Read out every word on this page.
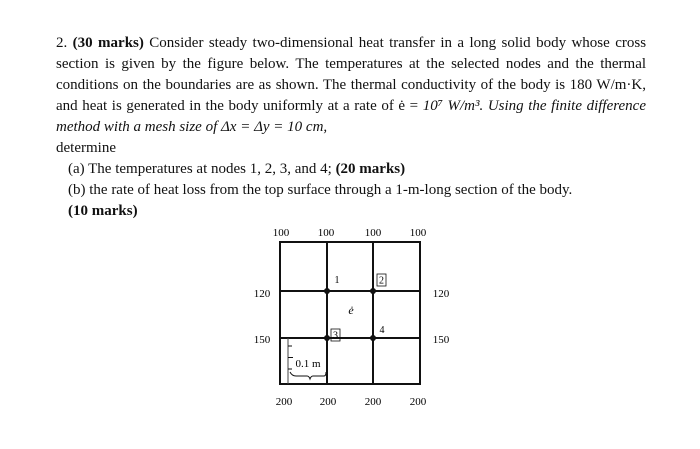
2. (30 marks) Consider steady two-dimensional heat transfer in a long solid body whose cross section is given by the figure below. The temperatures at the selected nodes and the thermal conditions on the boundaries are as shown. The thermal conductivity of the body is 180 W/m·K, and heat is generated in the body uniformly at a rate of ė = 10⁷ W/m³. Using the finite difference method with a mesh size of Δx = Δy = 10 cm,

determine

(a) The temperatures at nodes 1, 2, 3, and 4; (20 marks)

(b) the rate of heat loss from the top surface through a 1-m-long section of the body.
(10 marks)

100	100	100	100
120
150
120
150
200	200	200	200
1	2
3	4
ė
0.1 m
